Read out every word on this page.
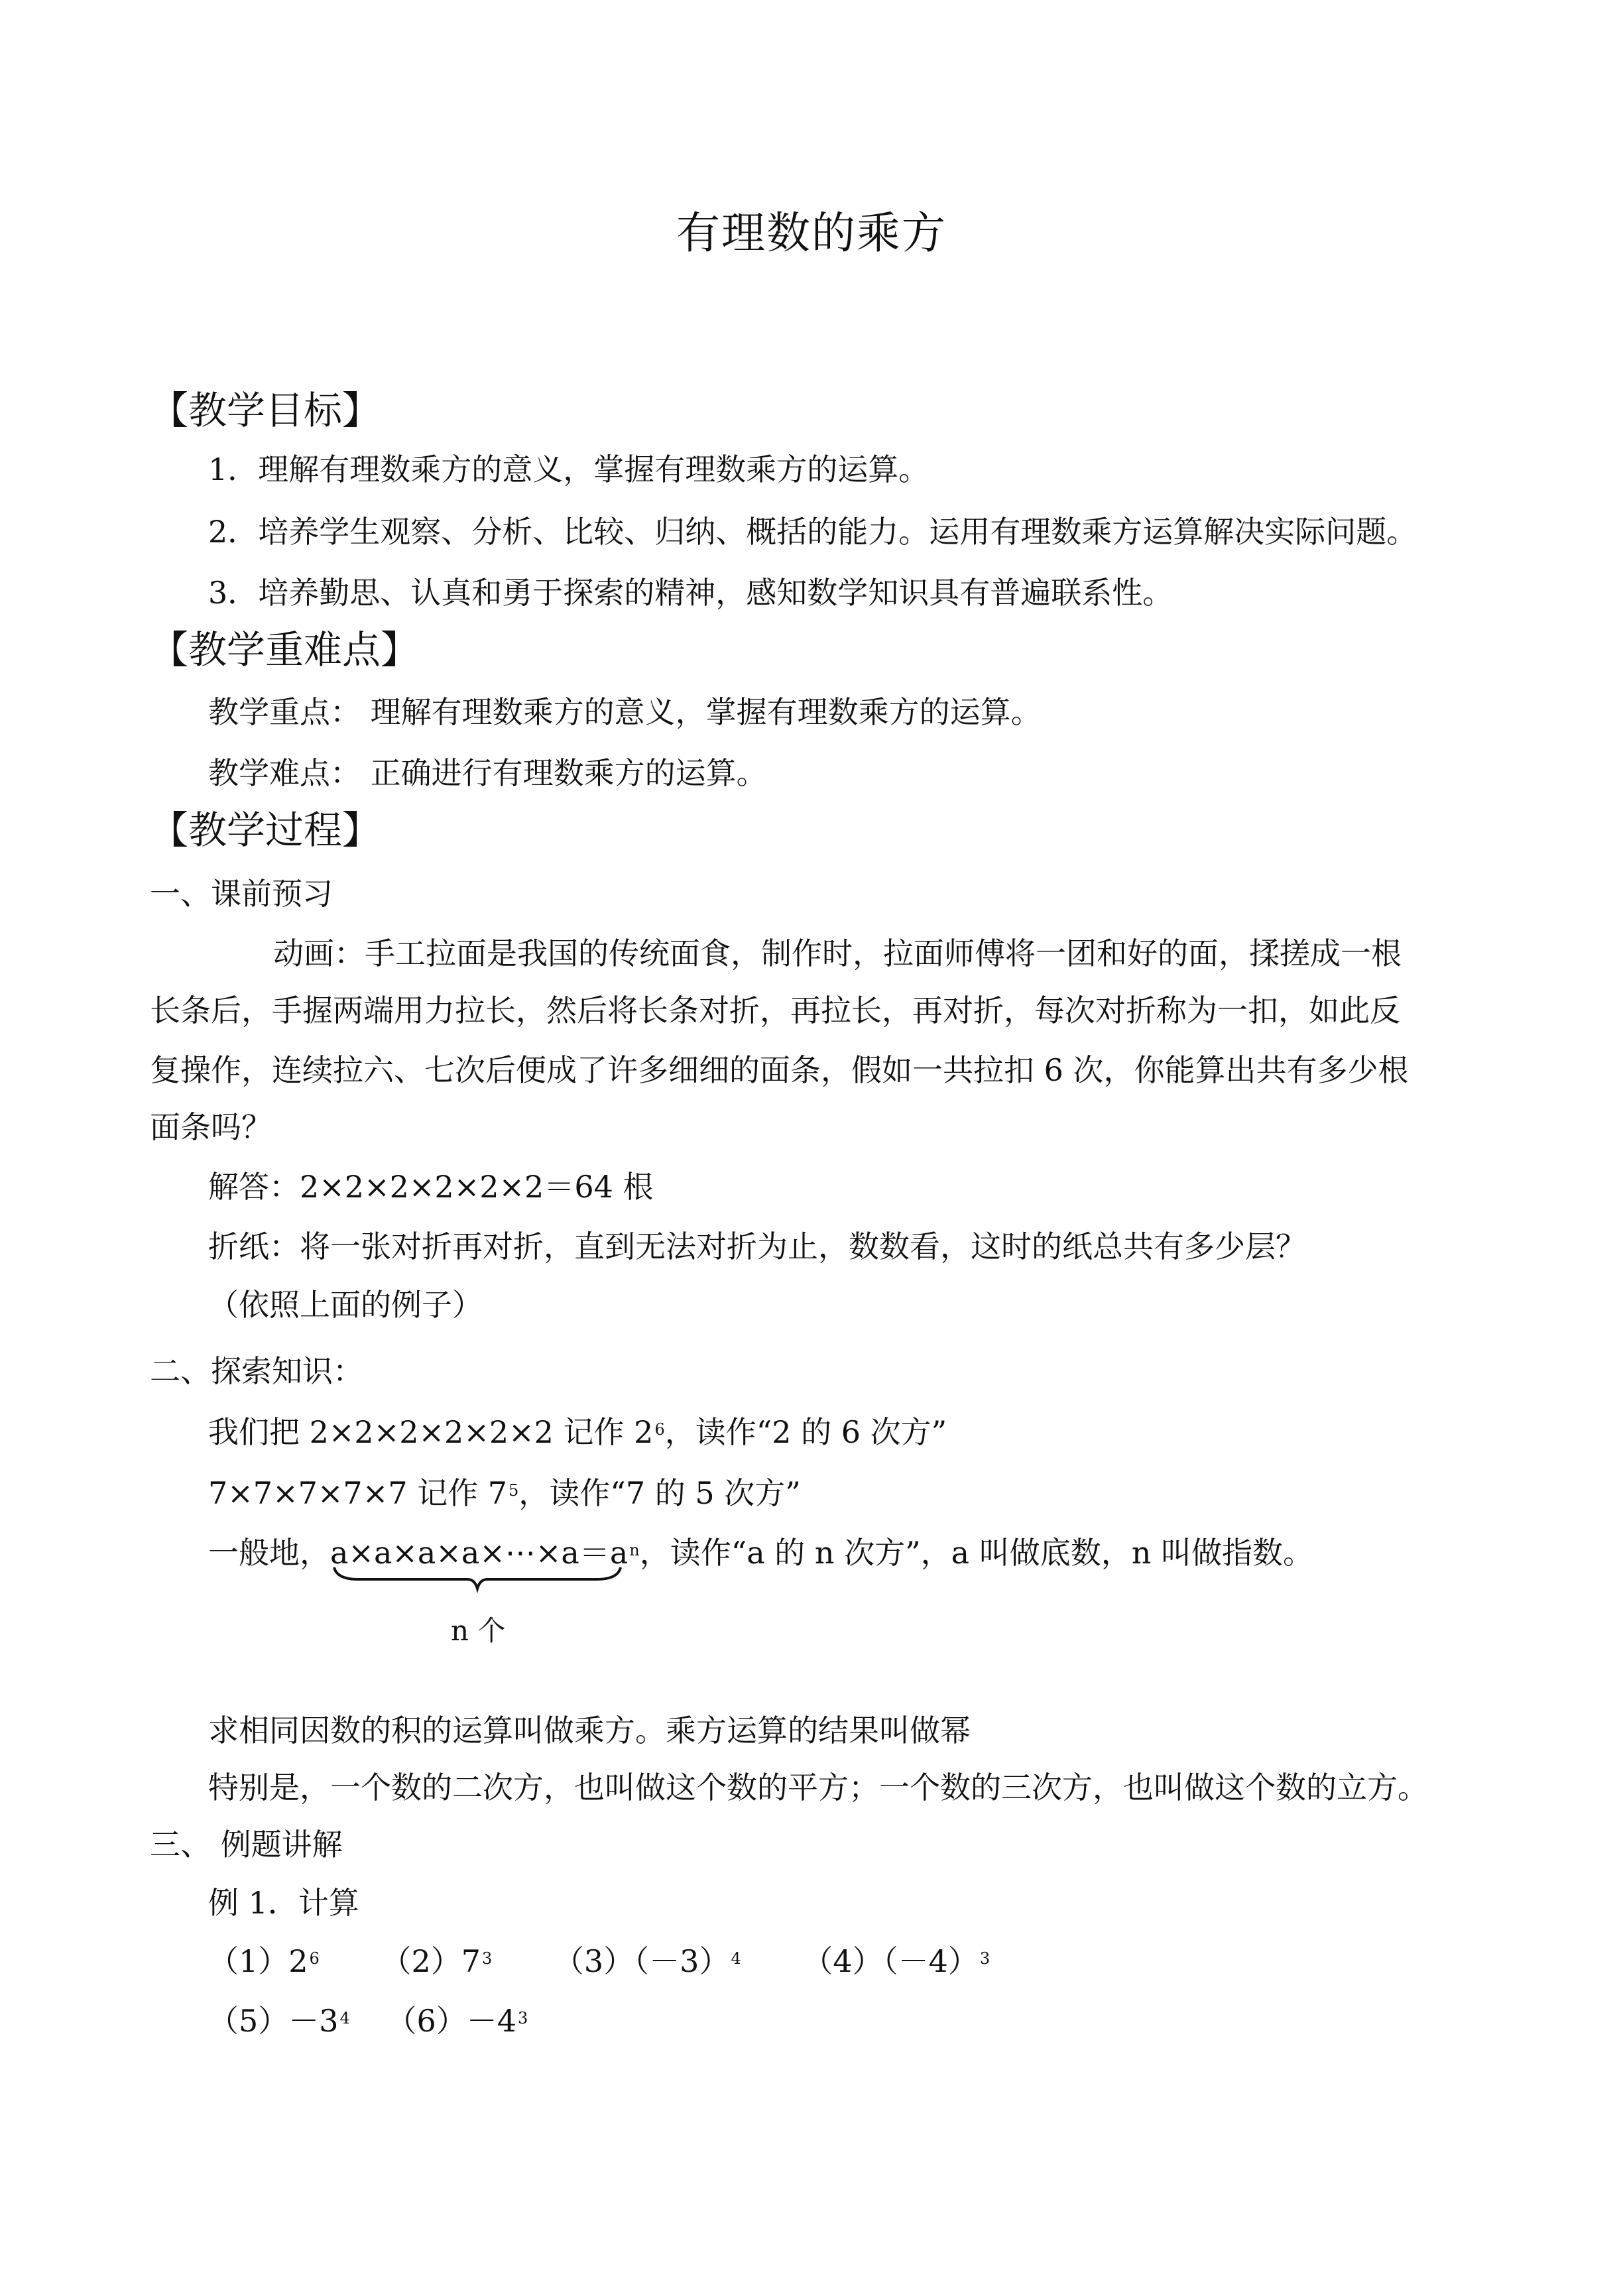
有理数的乘方
【教学目标】
1．理解有理数乘方的意义，掌握有理数乘方的运算。
2．培养学生观察、分析、比较、归纳、概括的能力。运用有理数乘方运算解决实际问题。
3．培养勤思、认真和勇于探索的精神，感知数学知识具有普遍联系性。
【教学重难点】
教学重点： 理解有理数乘方的意义，掌握有理数乘方的运算。
教学难点： 正确进行有理数乘方的运算。
【教学过程】
一、课前预习
动画：手工拉面是我国的传统面食，制作时，拉面师傅将一团和好的面，揉搓成一根
长条后，手握两端用力拉长，然后将长条对折，再拉长，再对折，每次对折称为一扣，如此反
复操作，连续拉六、七次后便成了许多细细的面条，假如一共拉扣 6 次，你能算出共有多少根
面条吗？
解答：2×2×2×2×2×2＝64 根
折纸：将一张对折再对折，直到无法对折为止，数数看，这时的纸总共有多少层？
（依照上面的例子）
二、探索知识：
我们把 2×2×2×2×2×2 记作 $2^6$，读作“2 的 6 次方”
7×7×7×7×7 记作 $7^5$，读作“7 的 5 次方”
一般地，$a\times a\times a\times a\times\cdots\times a=a^n$，读作“a 的 n 次方”，a 叫做底数，n 叫做指数。
n 个
求相同因数的积的运算叫做乘方。乘方运算的结果叫做幂
特别是，一个数的二次方，也叫做这个数的平方；一个数的三次方，也叫做这个数的立方。
三、 例题讲解
例 1．计算
$(1)2^6$ $(2)7^3$ $(3)(-3)^4$ $(4)(-4)^3$
$(5)-3^4$ $(6)-4^3$
